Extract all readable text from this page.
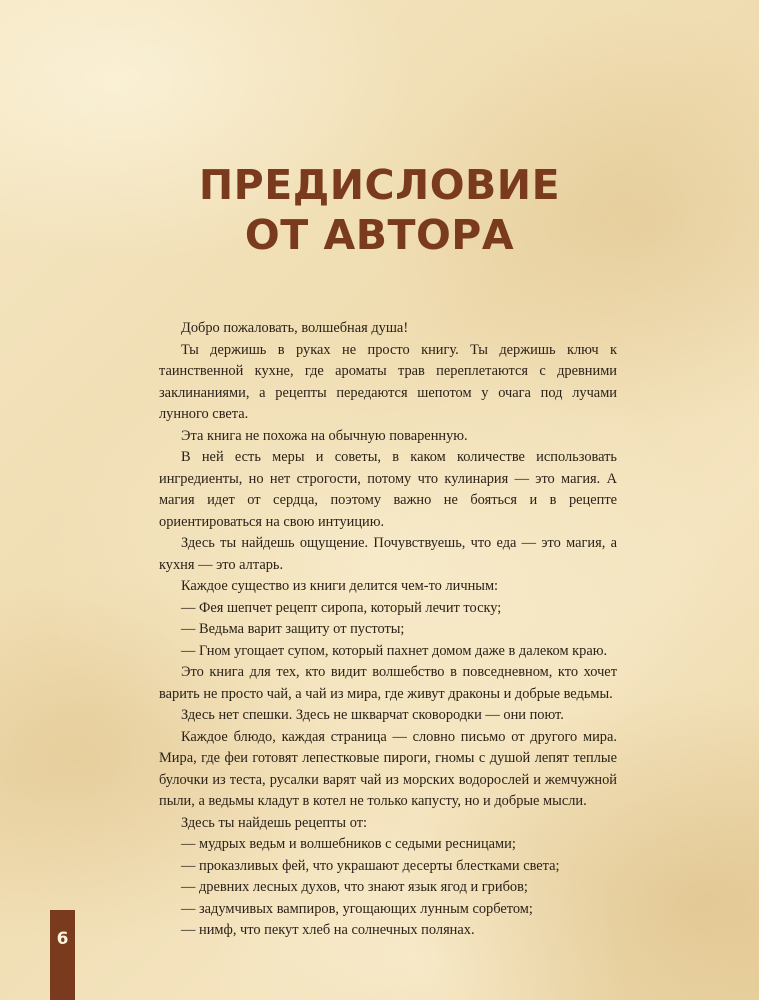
ПРЕДИСЛОВИЕ
ОТ АВТОРА

Добро пожаловать, волшебная душа!

Ты держишь в руках не просто книгу. Ты держишь ключ к таинственной кухне, где ароматы трав переплетаются с древними заклинаниями, а рецепты передаются шепотом у очага под лучами лунного света.

Эта книга не похожа на обычную поваренную.

В ней есть меры и советы, в каком количестве использовать ингредиенты, но нет строгости, потому что кулинария — это магия. А магия идет от сердца, поэтому важно не бояться и в рецепте ориентироваться на свою интуицию.

Здесь ты найдешь ощущение. Почувствуешь, что еда — это магия, а кухня — это алтарь.

Каждое существо из книги делится чем-то личным:

— Фея шепчет рецепт сиропа, который лечит тоску;

— Ведьма варит защиту от пустоты;

— Гном угощает супом, который пахнет домом даже в далеком краю.

Это книга для тех, кто видит волшебство в повседневном, кто хочет варить не просто чай, а чай из мира, где живут драконы и добрые ведьмы.

Здесь нет спешки. Здесь не шкварчат сковородки — они поют.

Каждое блюдо, каждая страница — словно письмо от другого мира. Мира, где феи готовят лепестковые пироги, гномы с душой лепят теплые булочки из теста, русалки варят чай из морских водорослей и жемчужной пыли, а ведьмы кладут в котел не только капусту, но и добрые мысли.

Здесь ты найдешь рецепты от:

— мудрых ведьм и волшебников с седыми ресницами;

— проказливых фей, что украшают десерты блестками света;

— древних лесных духов, что знают язык ягод и грибов;

— задумчивых вампиров, угощающих лунным сорбетом;

— нимф, что пекут хлеб на солнечных полянах.

6
